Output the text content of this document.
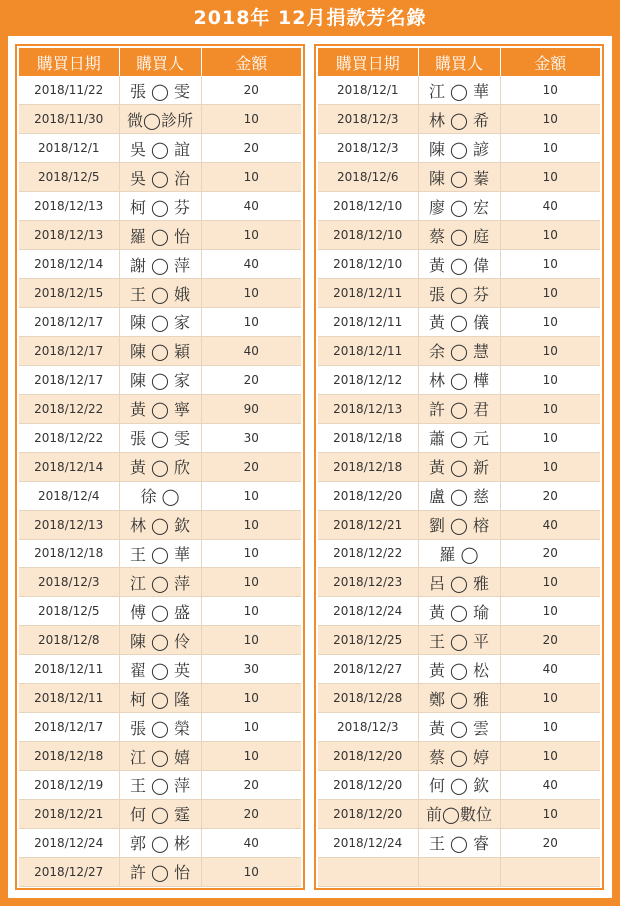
2018年 12月捐款芳名錄
購買日期	購買人	金額
2018/11/22	張 ◯ 雯	20
2018/11/30	微◯診所	10
2018/12/1	吳 ◯ 誼	20
2018/12/5	吳 ◯ 治	10
2018/12/13	柯 ◯ 芬	40
2018/12/13	羅 ◯ 怡	10
2018/12/14	謝 ◯ 萍	40
2018/12/15	王 ◯ 娥	10
2018/12/17	陳 ◯ 家	10
2018/12/17	陳 ◯ 穎	40
2018/12/17	陳 ◯ 家	20
2018/12/22	黃 ◯ 寧	90
2018/12/22	張 ◯ 雯	30
2018/12/14	黃 ◯ 欣	20
2018/12/4	徐 ◯	10
2018/12/13	林 ◯ 欽	10
2018/12/18	王 ◯ 華	10
2018/12/3	江 ◯ 萍	10
2018/12/5	傅 ◯ 盛	10
2018/12/8	陳 ◯ 伶	10
2018/12/11	翟 ◯ 英	30
2018/12/11	柯 ◯ 隆	10
2018/12/17	張 ◯ 榮	10
2018/12/18	江 ◯ 嬉	10
2018/12/19	王 ◯ 萍	20
2018/12/21	何 ◯ 霆	20
2018/12/24	郭 ◯ 彬	40
2018/12/27	許 ◯ 怡	10
購買日期	購買人	金額
2018/12/1	江 ◯ 華	10
2018/12/3	林 ◯ 希	10
2018/12/3	陳 ◯ 諺	10
2018/12/6	陳 ◯ 蓁	10
2018/12/10	廖 ◯ 宏	40
2018/12/10	蔡 ◯ 庭	10
2018/12/10	黃 ◯ 偉	10
2018/12/11	張 ◯ 芬	10
2018/12/11	黃 ◯ 儀	10
2018/12/11	余 ◯ 慧	10
2018/12/12	林 ◯ 樺	10
2018/12/13	許 ◯ 君	10
2018/12/18	蕭 ◯ 元	10
2018/12/18	黃 ◯ 新	10
2018/12/20	盧 ◯ 慈	20
2018/12/21	劉 ◯ 榕	40
2018/12/22	羅 ◯	20
2018/12/23	呂 ◯ 雅	10
2018/12/24	黃 ◯ 瑜	10
2018/12/25	王 ◯ 平	20
2018/12/27	黃 ◯ 松	40
2018/12/28	鄭 ◯ 雅	10
2018/12/3	黃 ◯ 雲	10
2018/12/20	蔡 ◯ 婷	10
2018/12/20	何 ◯ 欽	40
2018/12/20	前◯數位	10
2018/12/24	王 ◯ 睿	20
